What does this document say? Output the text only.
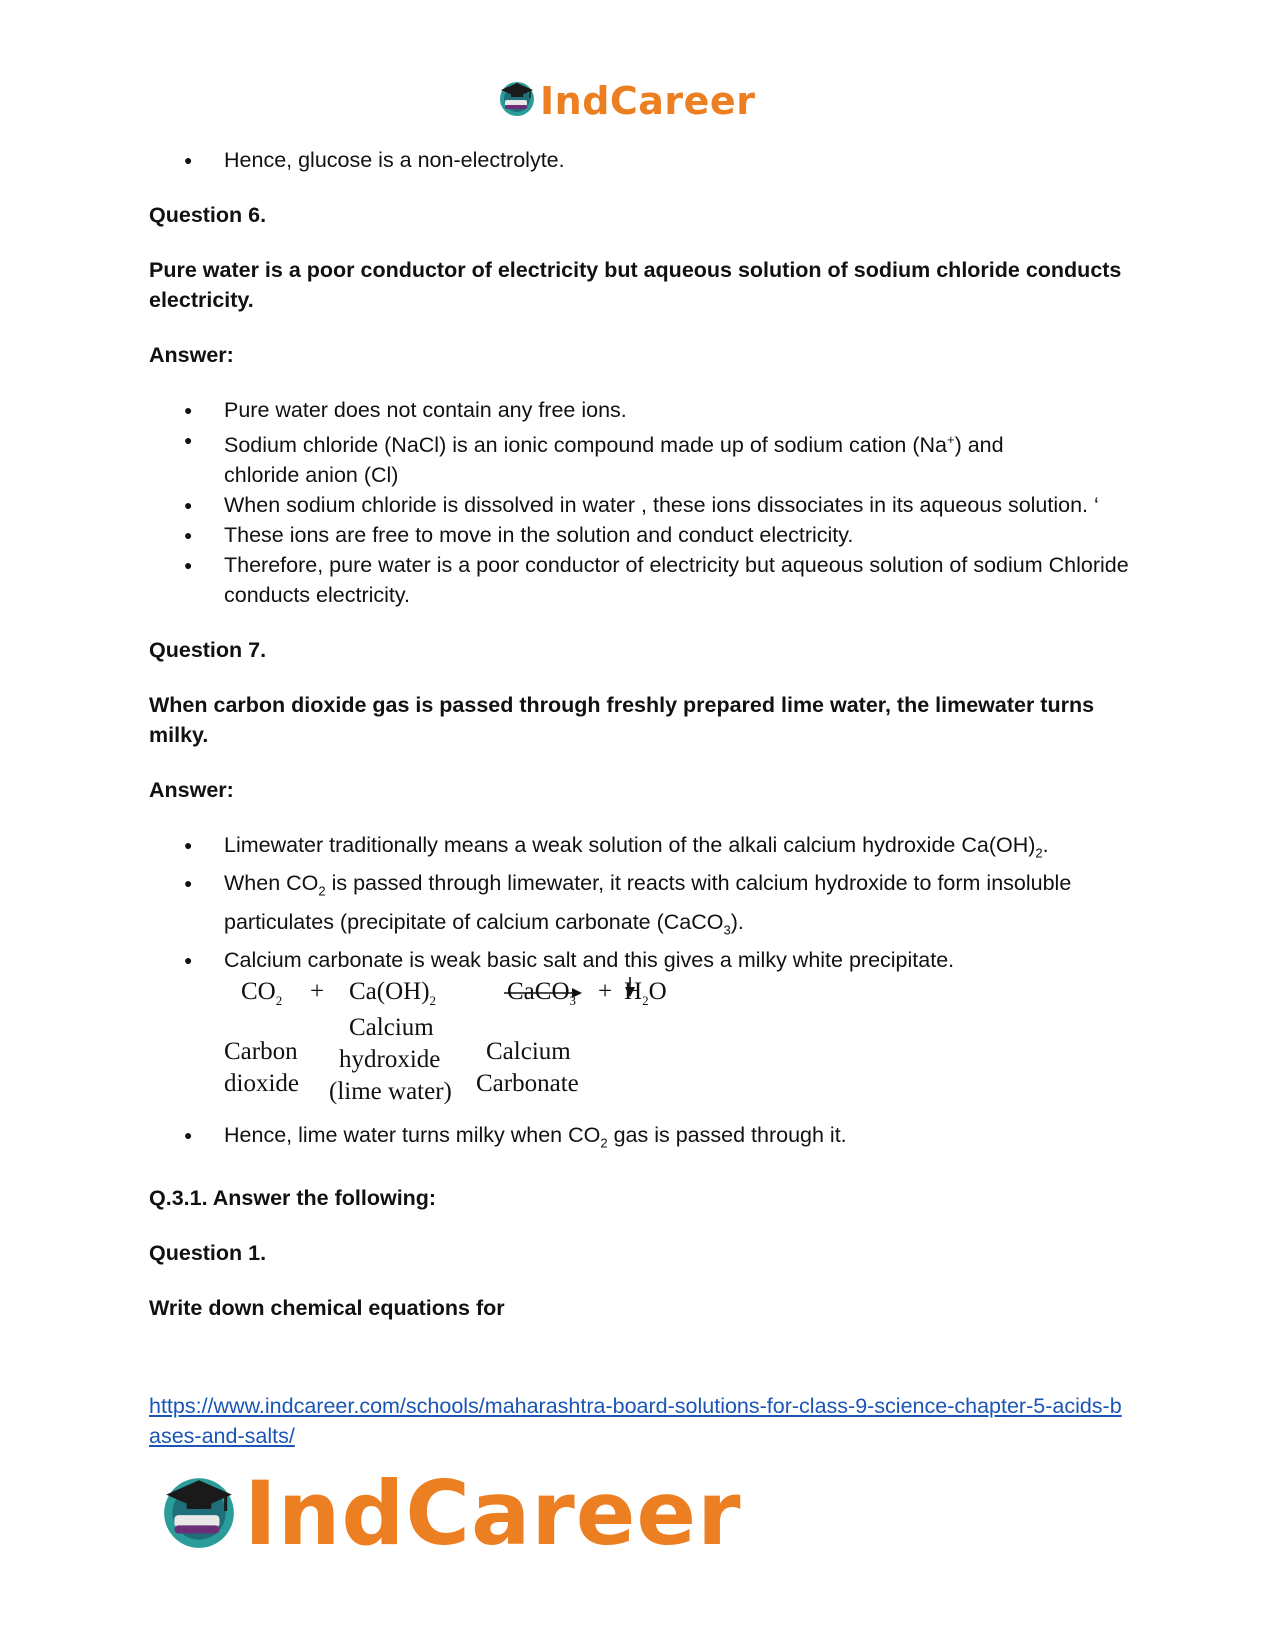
IndCareer
● Hence, glucose is a non-electrolyte.

Question 6.

Pure water is a poor conductor of electricity but aqueous solution of sodium chloride conducts electricity.

Answer:

● Pure water does not contain any free ions.
● Sodium chloride (NaCl) is an ionic compound made up of sodium cation (Na+) and
chloride anion (Cl)
● When sodium chloride is dissolved in water , these ions dissociates in its aqueous solution. ‘
● These ions are free to move in the solution and conduct electricity.
● Therefore, pure water is a poor conductor of electricity but aqueous solution of sodium Chloride conducts electricity.

Question 7.

When carbon dioxide gas is passed through freshly prepared lime water, the limewater turns milky.

Answer:

● Limewater traditionally means a weak solution of the alkali calcium hydroxide $Ca(OH)_2$.
● When $CO_2$ is passed through limewater, it reacts with calcium hydroxide to form insoluble particulates (precipitate of calcium carbonate (CaCO$_3$).
● Calcium carbonate is weak basic salt and this gives a milky white precipitate.
$CO_2 + Ca(OH)_2$	CaCO$_3$ + $H_2O$
Carbon
dioxide
Calcium
hydroxide
(lime water)
Calcium
Carbonate
● Hence, lime water turns milky when $CO_2$ gas is passed through it.

Q.3.1. Answer the following:

Question 1.

Write down chemical equations for

https://www.indcareer.com/schools/maharashtra-board-solutions-for-class-9-science-chapter-5-acids-bases-and-salts/
IndCareer
